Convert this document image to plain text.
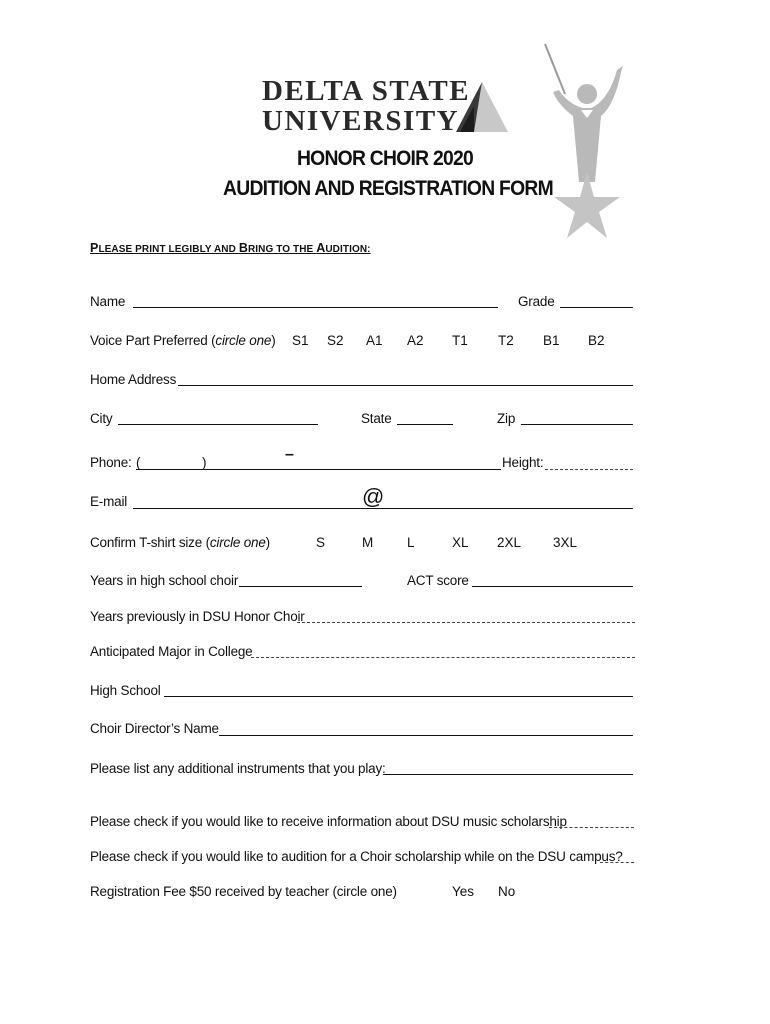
DELTA STATE
UNIVERSITY
HONOR CHOIR 2020
AUDITION AND REGISTRATION FORM
PLEASE PRINT LEGIBLY AND BRING TO THE AUDITION:
Name	Grade
Voice Part Preferred (circle one) S1 S2 A1 A2 T1 T2 B1 B2
Home Address
City	State	Zip
Phone: (	)	–	Height:
E-mail	@
Confirm T-shirt size (circle one)	S	M	L	XL 2XL 3XL
Years in high school choir	ACT score
Years previously in DSU Honor Choir
Anticipated Major in College
High School
Choir Director’s Name
Please list any additional instruments that you play:
Please check if you would like to receive information about DSU music scholarship
Please check if you would like to audition for a Choir scholarship while on the DSU campus?
Registration Fee $50 received by teacher (circle one)	Yes No
